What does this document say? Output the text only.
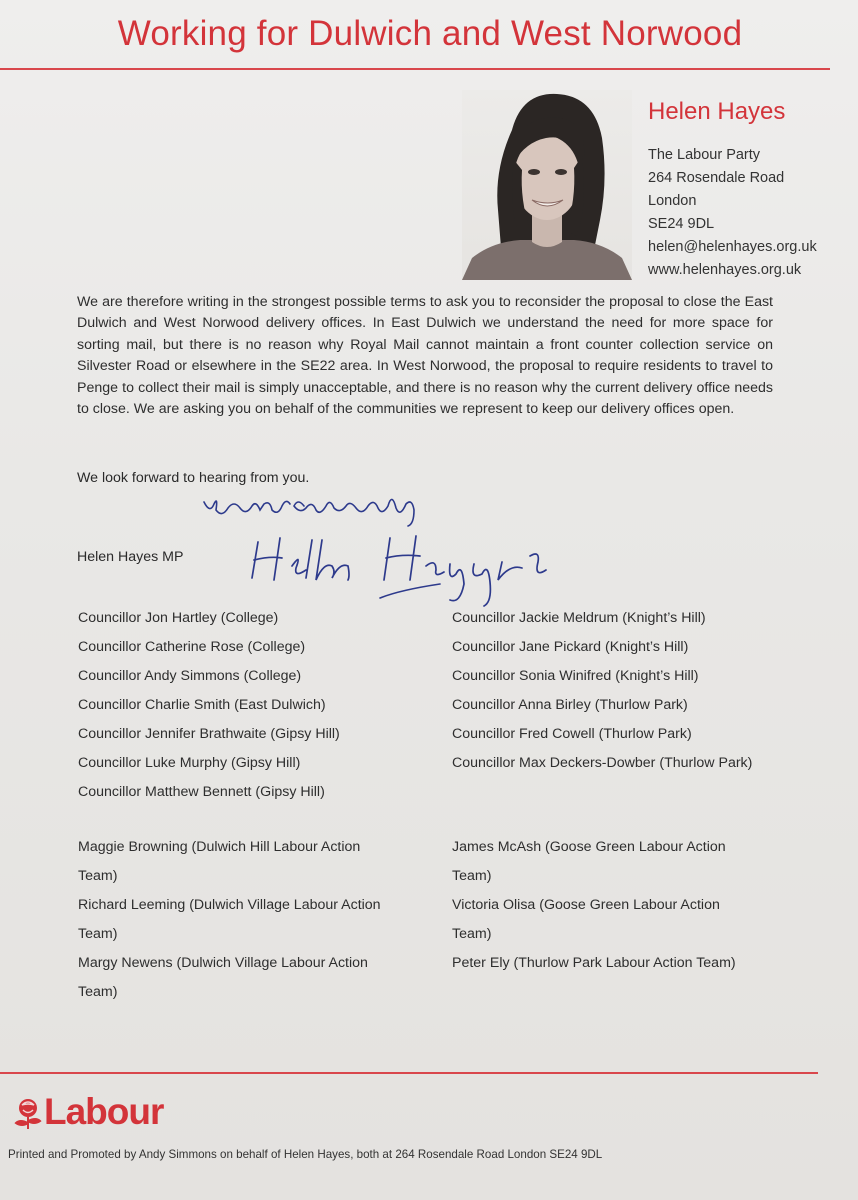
Working for Dulwich and West Norwood
Helen Hayes
The Labour Party
264 Rosendale Road
London
SE24 9DL
helen@helenhayes.org.uk
www.helenhayes.org.uk
We are therefore writing in the strongest possible terms to ask you to reconsider the proposal to close the East Dulwich and West Norwood delivery offices. In East Dulwich we understand the need for more space for sorting mail, but there is no reason why Royal Mail cannot maintain a front counter collection service on Silvester Road or elsewhere in the SE22 area. In West Norwood, the proposal to require residents to travel to Penge to collect their mail is simply unacceptable, and there is no reason why the current delivery office needs to close. We are asking you on behalf of the communities we represent to keep our delivery offices open.
We look forward to hearing from you.
Helen Hayes MP
Councillor Jon Hartley (College)
Councillor Catherine Rose (College)
Councillor Andy Simmons (College)
Councillor Charlie Smith (East Dulwich)
Councillor Jennifer Brathwaite (Gipsy Hill)
Councillor Luke Murphy (Gipsy Hill)
Councillor Matthew Bennett (Gipsy Hill)
Councillor Jackie Meldrum (Knight’s Hill)
Councillor Jane Pickard (Knight’s Hill)
Councillor Sonia Winifred (Knight’s Hill)
Councillor Anna Birley (Thurlow Park)
Councillor Fred Cowell (Thurlow Park)
Councillor Max Deckers-Dowber (Thurlow Park)
Maggie Browning (Dulwich Hill Labour Action Team)
Richard Leeming (Dulwich Village Labour Action Team)
Margy Newens (Dulwich Village Labour Action Team)
James McAsh (Goose Green Labour Action Team)
Victoria Olisa (Goose Green Labour Action Team)
Peter Ely (Thurlow Park Labour Action Team)
Labour
Printed and Promoted by Andy Simmons on behalf of Helen Hayes, both at 264 Rosendale Road London SE24 9DL
